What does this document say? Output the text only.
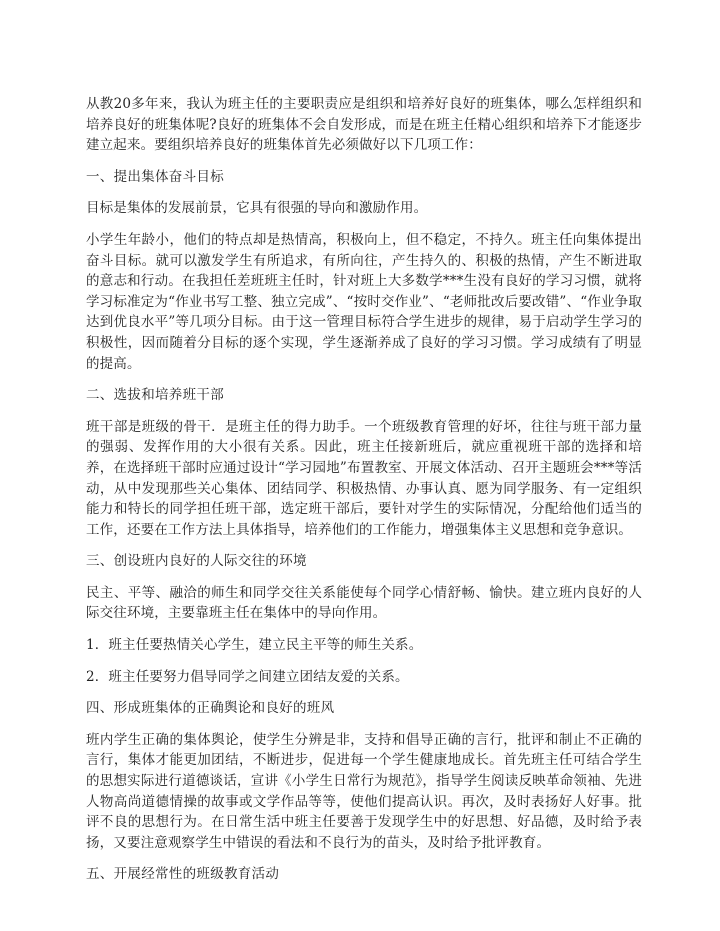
从教20多年来，我认为班主任的主要职责应是组织和培养好良好的班集体，哪么怎样组织和培养良好的班集体呢?良好的班集体不会自发形成，而是在班主任精心组织和培养下才能逐步建立起来。要组织培养良好的班集体首先必须做好以下几项工作：

一、提出集体奋斗目标

目标是集体的发展前景，它具有很强的导向和激励作用。

小学生年龄小，他们的特点却是热情高，积极向上，但不稳定，不持久。班主任向集体提出奋斗目标。就可以激发学生有所追求，有所向往，产生持久的、积极的热情，产生不断进取的意志和行动。在我担任差班班主任时，针对班上大多数学***生没有良好的学习习惯，就将学习标准定为“作业书写工整、独立完成”、“按时交作业”、“老师批改后要改错”、“作业争取达到优良水平”等几项分目标。由于这一管理目标符合学生进步的规律，易于启动学生学习的积极性，因而随着分目标的逐个实现，学生逐渐养成了良好的学习习惯。学习成绩有了明显的提高。

二、选拔和培养班干部

班干部是班级的骨干．是班主任的得力助手。一个班级教育管理的好坏，往往与班干部力量的强弱、发挥作用的大小很有关系。因此，班主任接新班后，就应重视班干部的选择和培养，在选择班干部时应通过设计“学习园地”布置教室、开展文体活动、召开主题班会***等活动，从中发现那些关心集体、团结同学、积极热情、办事认真、愿为同学服务、有一定组织能力和特长的同学担任班干部，选定班干部后，要针对学生的实际情况，分配给他们适当的工作，还要在工作方法上具体指导，培养他们的工作能力，增强集体主义思想和竞争意识。

三、创设班内良好的人际交往的环境

民主、平等、融洽的师生和同学交往关系能使每个同学心情舒畅、愉快。建立班内良好的人际交往环境，主要靠班主任在集体中的导向作用。

1．班主任要热情关心学生，建立民主平等的师生关系。

2．班主任要努力倡导同学之间建立团结友爱的关系。

四、形成班集体的正确舆论和良好的班风

班内学生正确的集体舆论，使学生分辨是非，支持和倡导正确的言行，批评和制止不正确的言行，集体才能更加团结，不断进步，促进每一个学生健康地成长。首先班主任可结合学生的思想实际进行道德谈话，宣讲《小学生日常行为规范》，指导学生阅读反映革命领袖、先进人物高尚道德情操的故事或文学作品等等，使他们提高认识。再次，及时表扬好人好事。批评不良的思想行为。在日常生活中班主任要善于发现学生中的好思想、好品德，及时给予表扬，又要注意观察学生中错误的看法和不良行为的苗头，及时给予批评教育。

五、开展经常性的班级教育活动
